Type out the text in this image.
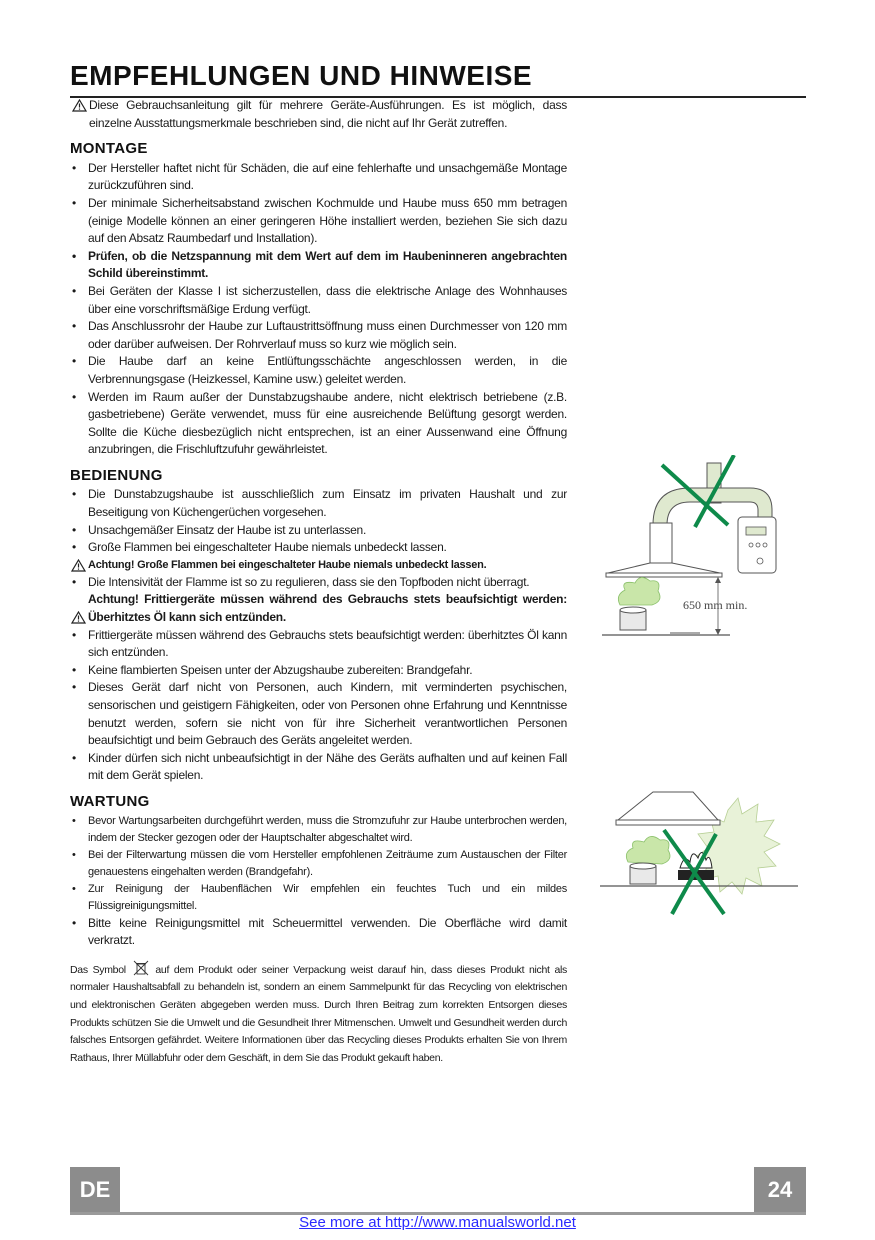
EMPFEHLUNGEN UND HINWEISE
Diese Gebrauchsanleitung gilt für mehrere Geräte-Ausführungen. Es ist möglich, dass einzelne Ausstattungsmerkmale beschrieben sind, die nicht auf Ihr Gerät zutreffen.
MONTAGE
• Der Hersteller haftet nicht für Schäden, die auf eine fehlerhafte und unsachgemäße Montage zurückzuführen sind.
• Der minimale Sicherheitsabstand zwischen Kochmulde und Haube muss 650 mm betragen (einige Modelle können an einer geringeren Höhe installiert werden, beziehen Sie sich dazu auf den Absatz Raumbedarf und Installation).
• Prüfen, ob die Netzspannung mit dem Wert auf dem im Haubeninneren angebrachten Schild übereinstimmt.
• Bei Geräten der Klasse I ist sicherzustellen, dass die elektrische Anlage des Wohnhauses über eine vorschriftsmäßige Erdung verfügt.
• Das Anschlussrohr der Haube zur Luftaustrittsöffnung muss einen Durchmesser von 120 mm oder darüber aufweisen. Der Rohrverlauf muss so kurz wie möglich sein.
• Die Haube darf an keine Entlüftungsschächte angeschlossen werden, in die Verbrennungsgase (Heizkessel, Kamine usw.) geleitet werden.
• Werden im Raum außer der Dunstabzugshaube andere, nicht elektrisch betriebene (z.B. gasbetriebene) Geräte verwendet, muss für eine ausreichende Belüftung gesorgt werden. Sollte die Küche diesbezüglich nicht entsprechen, ist an einer Aussenwand eine Öffnung anzubringen, die Frischluftzufuhr gewährleistet.
BEDIENUNG
• Die Dunstabzugshaube ist ausschließlich zum Einsatz im privaten Haushalt und zur Beseitigung von Küchengerüchen vorgesehen.
• Unsachgemäßer Einsatz der Haube ist zu unterlassen.
• Große Flammen bei eingeschalteter Haube niemals unbedeckt lassen.
Achtung! Große Flammen bei eingeschalteter Haube niemals unbedeckt lassen.
• Die Intensivität der Flamme ist so zu regulieren, dass sie den Topfboden nicht überragt.
Achtung! Frittiergeräte müssen während des Gebrauchs stets beaufsichtigt werden: Überhitztes Öl kann sich entzünden.
• Frittiergeräte müssen während des Gebrauchs stets beaufsichtigt werden: überhitztes Öl kann sich entzünden.
• Keine flambierten Speisen unter der Abzugshaube zubereiten: Brandgefahr.
• Dieses Gerät darf nicht von Personen, auch Kindern, mit verminderten psychischen, sensorischen und geistigern Fähigkeiten, oder von Personen ohne Erfahrung und Kenntnisse benutzt werden, sofern sie nicht von für ihre Sicherheit verantwortlichen Personen beaufsichtigt und beim Gebrauch des Geräts angeleitet werden.
• Kinder dürfen sich nicht unbeaufsichtigt in der Nähe des Geräts aufhalten und auf keinen Fall mit dem Gerät spielen.
WARTUNG
• Bevor Wartungsarbeiten durchgeführt werden, muss die Stromzufuhr zur Haube unterbrochen werden, indem der Stecker gezogen oder der Hauptschalter abgeschaltet wird.
• Bei der Filterwartung müssen die vom Hersteller empfohlenen Zeiträume zum Austauschen der Filter genauestens eingehalten werden (Brandgefahr).
• Zur Reinigung der Haubenflächen Wir empfehlen ein feuchtes Tuch und ein mildes Flüssigreinigungsmittel.
• Bitte keine Reinigungsmittel mit Scheuermittel verwenden. Die Oberfläche wird damit verkratzt.
Das Symbol	auf dem Produkt oder seiner Verpackung weist darauf hin, dass dieses Produkt nicht als normaler Haushaltsabfall zu behandeln ist, sondern an einem Sammelpunkt für das Recycling von elektrischen und elektronischen Geräten abgegeben werden muss. Durch Ihren Beitrag zum korrekten Entsorgen dieses Produkts schützen Sie die Umwelt und die Gesundheit Ihrer Mitmenschen. Umwelt und Gesundheit werden durch falsches Entsorgen gefährdet. Weitere Informationen über das Recycling dieses Produkts erhalten Sie von Ihrem Rathaus, Ihrer Müllabfuhr oder dem Geschäft, in dem Sie das Produkt gekauft haben.
650 mm min.
DE	24
See more at http://www.manualsworld.net
